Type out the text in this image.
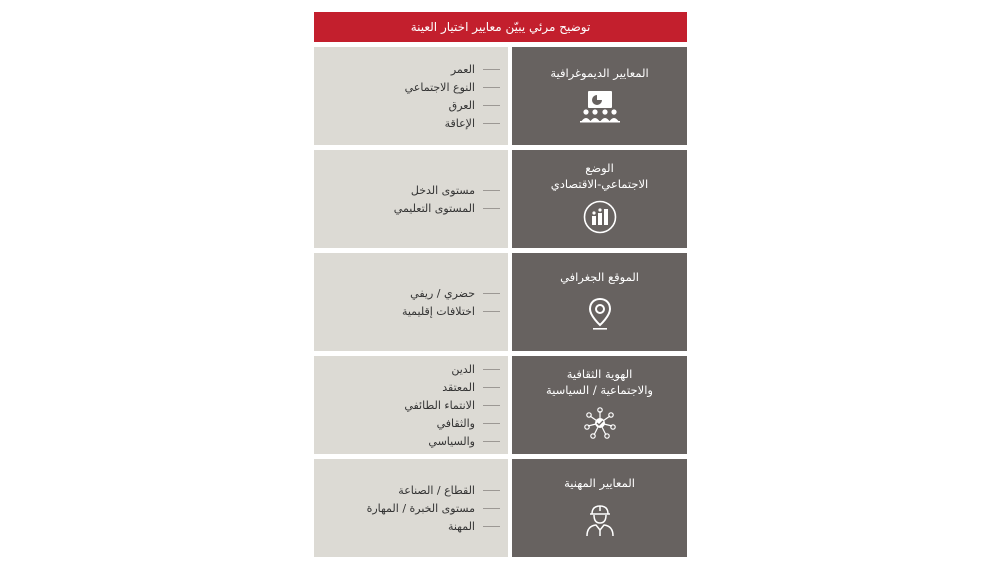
توضيح مرئي يبيّن معايير اختيار العينة
المعايير الديموغرافية
العمر
النوع الاجتماعي
العرق
الإعاقة
الوضع
الاجتماعي-الاقتصادي
مستوى الدخل
المستوى التعليمي
الموقع الجغرافي
حضري / ريفي
اختلافات إقليمية
الهوية الثقافية
والاجتماعية / السياسية
الدين
المعتقد
الانتماء الطائفي
والثقافي
والسياسي
المعايير المهنية
القطاع / الصناعة
مستوى الخبرة / المهارة
المهنة
